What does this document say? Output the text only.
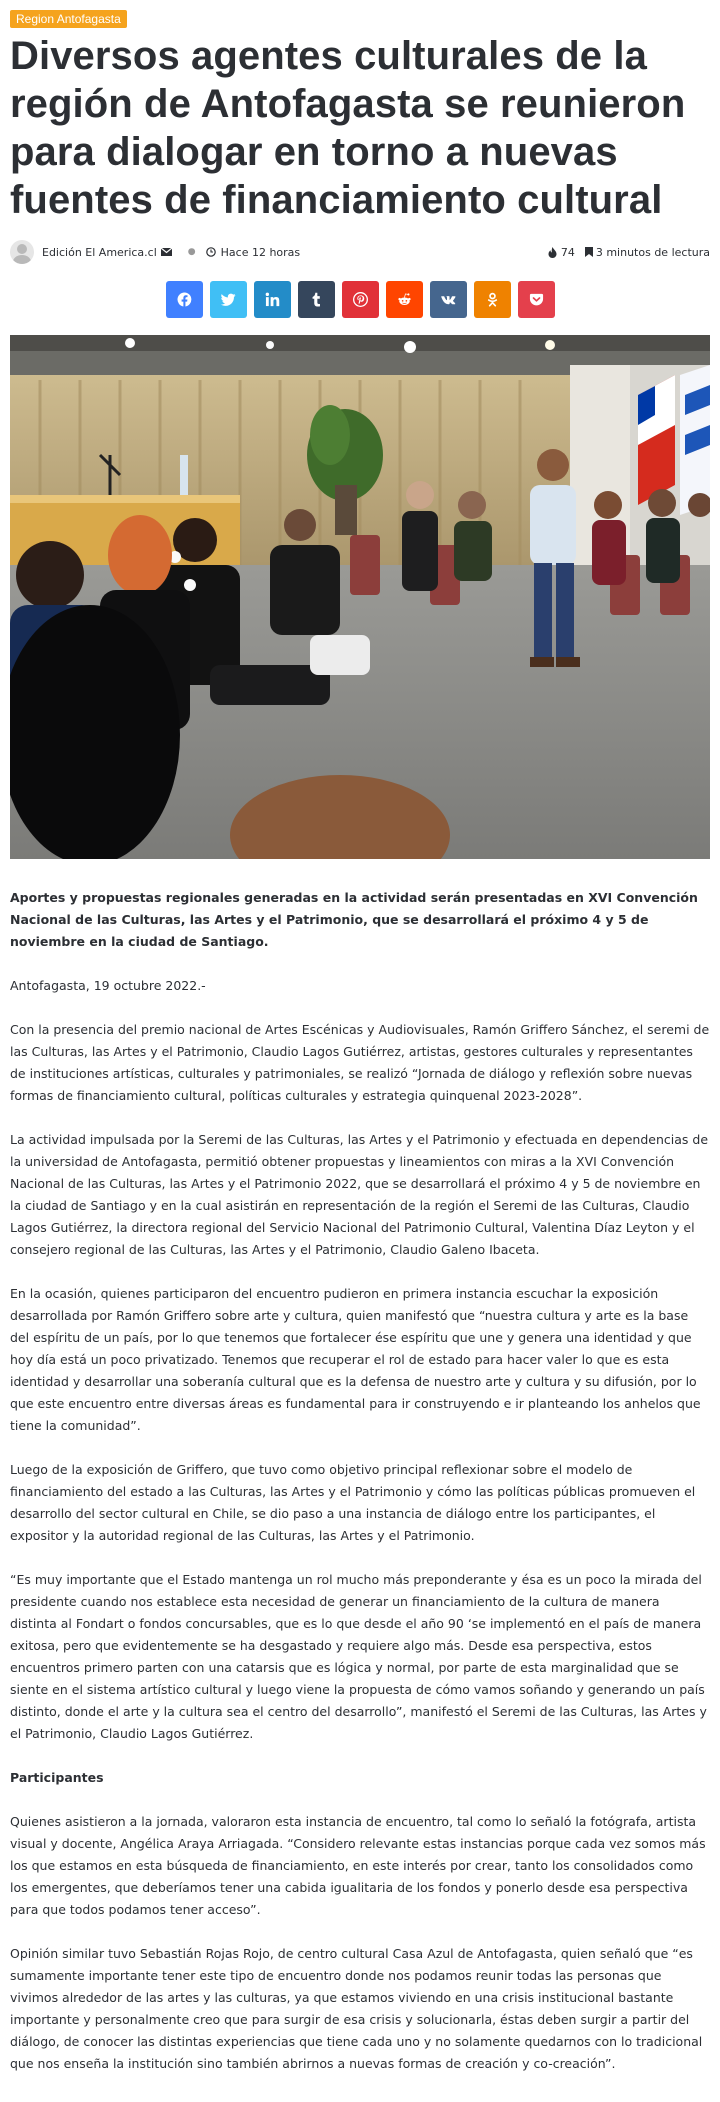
Region Antofagasta
Diversos agentes culturales de la región de Antofagasta se reunieron para dialogar en torno a nuevas fuentes de financiamiento cultural
Edición El America.cl	● Hace 12 horas	74 3 minutos de lectura

Aportes y propuestas regionales generadas en la actividad serán presentadas en XVI Convención Nacional de las Culturas, las Artes y el Patrimonio, que se desarrollará el próximo 4 y 5 de noviembre en la ciudad de Santiago.

Antofagasta, 19 octubre 2022.-

Con la presencia del premio nacional de Artes Escénicas y Audiovisuales, Ramón Griffero Sánchez, el seremi de las Culturas, las Artes y el Patrimonio, Claudio Lagos Gutiérrez, artistas, gestores culturales y representantes de instituciones artísticas, culturales y patrimoniales, se realizó “Jornada de diálogo y reflexión sobre nuevas formas de financiamiento cultural, políticas culturales y estrategia quinquenal 2023-2028”.

La actividad impulsada por la Seremi de las Culturas, las Artes y el Patrimonio y efectuada en dependencias de la universidad de Antofagasta, permitió obtener propuestas y lineamientos con miras a la XVI Convención Nacional de las Culturas, las Artes y el Patrimonio 2022, que se desarrollará el próximo 4 y 5 de noviembre en la ciudad de Santiago y en la cual asistirán en representación de la región el Seremi de las Culturas, Claudio Lagos Gutiérrez, la directora regional del Servicio Nacional del Patrimonio Cultural, Valentina Díaz Leyton y el consejero regional de las Culturas, las Artes y el Patrimonio, Claudio Galeno Ibaceta.

En la ocasión, quienes participaron del encuentro pudieron en primera instancia escuchar la exposición desarrollada por Ramón Griffero sobre arte y cultura, quien manifestó que “nuestra cultura y arte es la base del espíritu de un país, por lo que tenemos que fortalecer ése espíritu que une y genera una identidad y que hoy día está un poco privatizado. Tenemos que recuperar el rol de estado para hacer valer lo que es esta identidad y desarrollar una soberanía cultural que es la defensa de nuestro arte y cultura y su difusión, por lo que este encuentro entre diversas áreas es fundamental para ir construyendo e ir planteando los anhelos que tiene la comunidad”.

Luego de la exposición de Griffero, que tuvo como objetivo principal reflexionar sobre el modelo de financiamiento del estado a las Culturas, las Artes y el Patrimonio y cómo las políticas públicas promueven el desarrollo del sector cultural en Chile, se dio paso a una instancia de diálogo entre los participantes, el expositor y la autoridad regional de las Culturas, las Artes y el Patrimonio.

“Es muy importante que el Estado mantenga un rol mucho más preponderante y ésa es un poco la mirada del presidente cuando nos establece esta necesidad de generar un financiamiento de la cultura de manera distinta al Fondart o fondos concursables, que es lo que desde el año 90 ‘se implementó en el país de manera exitosa, pero que evidentemente se ha desgastado y requiere algo más. Desde esa perspectiva, estos encuentros primero parten con una catarsis que es lógica y normal, por parte de esta marginalidad que se siente en el sistema artístico cultural y luego viene la propuesta de cómo vamos soñando y generando un país distinto, donde el arte y la cultura sea el centro del desarrollo”, manifestó el Seremi de las Culturas, las Artes y el Patrimonio, Claudio Lagos Gutiérrez.

Participantes

Quienes asistieron a la jornada, valoraron esta instancia de encuentro, tal como lo señaló la fotógrafa, artista visual y docente, Angélica Araya Arriagada. “Considero relevante estas instancias porque cada vez somos más los que estamos en esta búsqueda de financiamiento, en este interés por crear, tanto los consolidados como los emergentes, que deberíamos tener una cabida igualitaria de los fondos y ponerlo desde esa perspectiva para que todos podamos tener acceso”.

Opinión similar tuvo Sebastián Rojas Rojo, de centro cultural Casa Azul de Antofagasta, quien señaló que “es sumamente importante tener este tipo de encuentro donde nos podamos reunir todas las personas que vivimos alrededor de las artes y las culturas, ya que estamos viviendo en una crisis institucional bastante importante y personalmente creo que para surgir de esa crisis y solucionarla, éstas deben surgir a partir del diálogo, de conocer las distintas experiencias que tiene cada uno y no solamente quedarnos con lo tradicional que nos enseña la institución sino también abrirnos a nuevas formas de creación y co-creación”.
